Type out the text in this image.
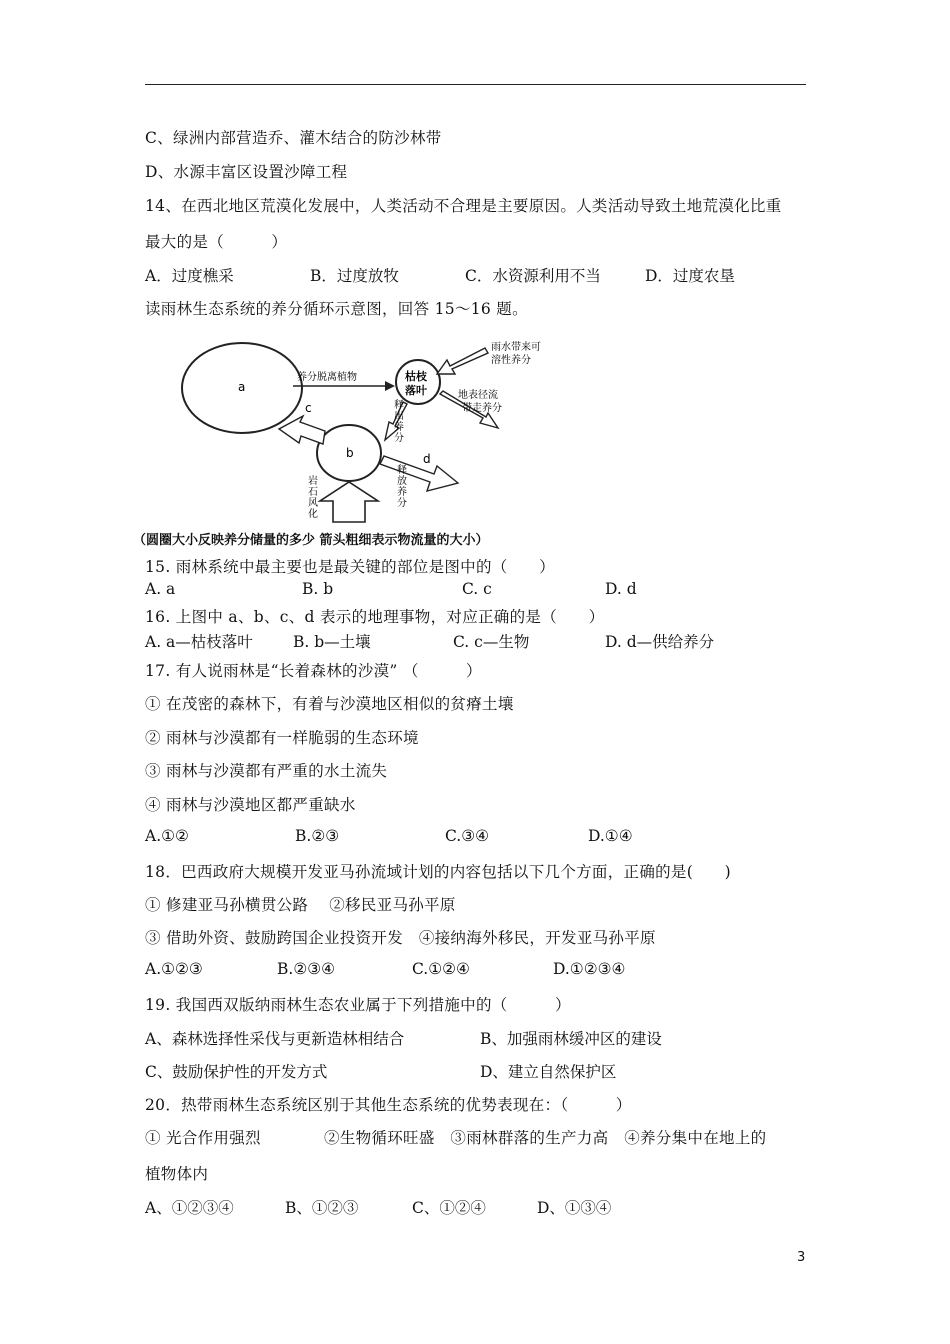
C、绿洲内部营造乔、灌木结合的防沙林带
D、水源丰富区设置沙障工程
14、在西北地区荒漠化发展中，人类活动不合理是主要原因。人类活动导致土地荒漠化比重
最大的是（　　　）
A．过度樵采	B．过度放牧	C．水资源利用不当	D．过度农垦
读雨林生态系统的养分循环示意图，回答 15～16 题。
a
枯枝
落叶
b
养分脱离植物
c	释
出
养
分
雨水带来可
溶性养分
地表径流
带走养分
d
释
放
养
分
岩
石
风
化
（圆圈大小反映养分储量的多少 箭头粗细表示物流量的大小）
15. 雨林系统中最主要也是最关键的部位是图中的（　　）
A. a	B. b	C. c	D. d
16. 上图中 a、b、c、d 表示的地理事物，对应正确的是（　　）
A. a—枯枝落叶	B. b—土壤	C. c—生物	D. d—供给养分
17. 有人说雨林是“长着森林的沙漠” （　　　）
① 在茂密的森林下，有着与沙漠地区相似的贫瘠土壤
② 雨林与沙漠都有一样脆弱的生态环境
③ 雨林与沙漠都有严重的水土流失
④ 雨林与沙漠地区都严重缺水
A.①②	B.②③	C.③④	D.①④
18．巴西政府大规模开发亚马孙流域计划的内容包括以下几个方面，正确的是(　　)
① 修建亚马孙横贯公路　 ②移民亚马孙平原
③ 借助外资、鼓励跨国企业投资开发　④接纳海外移民，开发亚马孙平原
A.①②③	B.②③④	C.①②④	D.①②③④
19. 我国西双版纳雨林生态农业属于下列措施中的（　　　）
A、森林选择性采伐与更新造林相结合	B、加强雨林缓冲区的建设
C、鼓励保护性的开发方式	D、建立自然保护区
20．热带雨林生态系统区别于其他生态系统的优势表现在：（　　　）
① 光合作用强烈　　　　②生物循环旺盛　③雨林群落的生产力高　④养分集中在地上的
植物体内
A、①②③④	B、①②③	C、①②④	D、①③④
3
